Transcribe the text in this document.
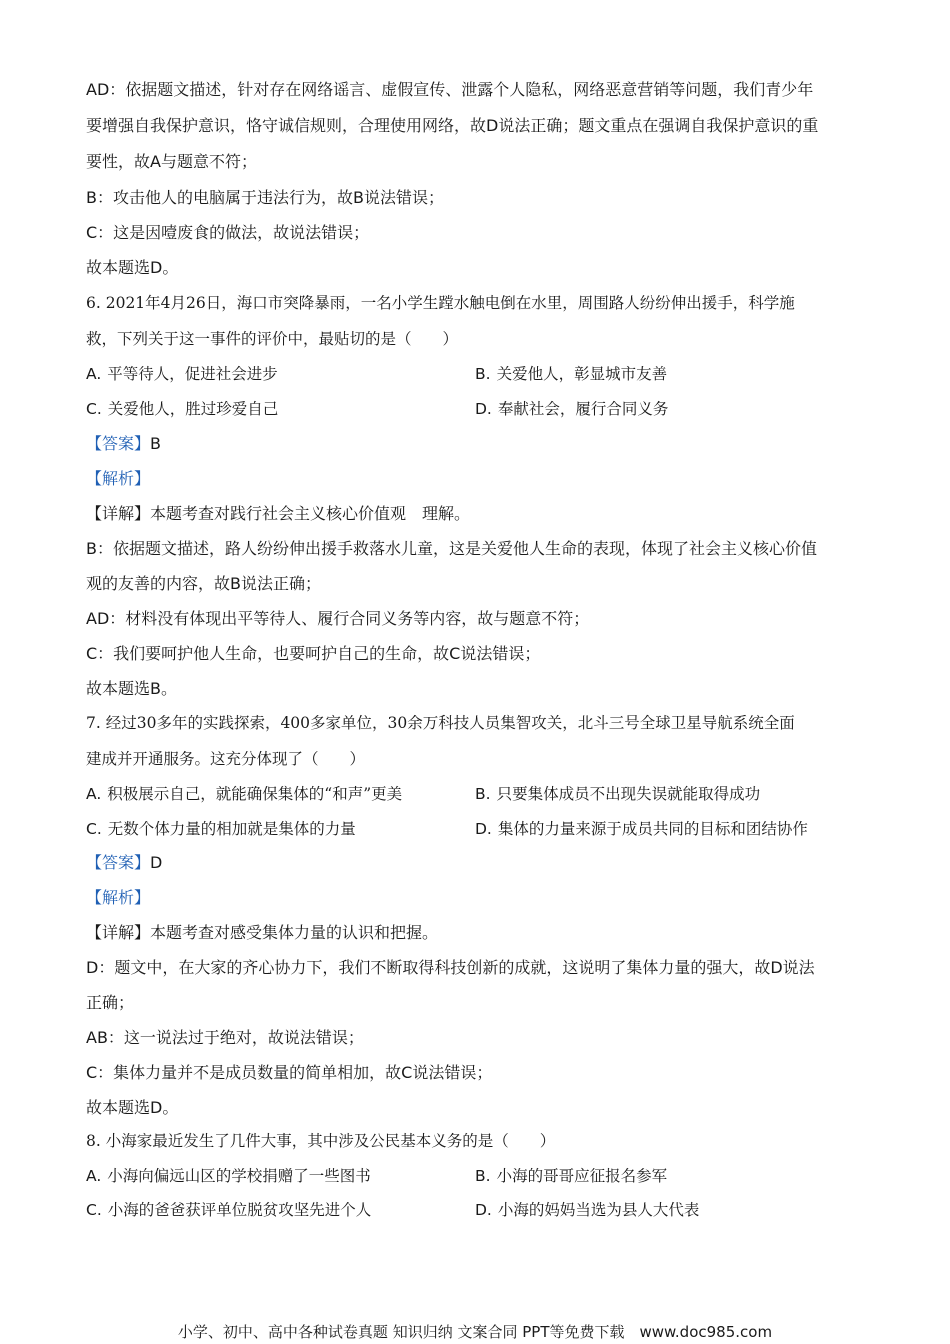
AD：依据题文描述，针对存在网络谣言、虚假宣传、泄露个人隐私，网络恶意营销等问题，我们青少年
要增强自我保护意识，恪守诚信规则，合理使用网络，故D说法正确；题文重点在强调自我保护意识的重
要性，故A与题意不符；
B：攻击他人的电脑属于违法行为，故B说法错误；
C：这是因噎废食的做法，故说法错误；
故本题选D。
6. 2021年4月26日，海口市突降暴雨，一名小学生蹚水触电倒在水里，周围路人纷纷伸出援手，科学施
救，下列关于这一事件的评价中，最贴切的是（　　）
A. 平等待人，促进社会进步	B. 关爱他人，彰显城市友善
C. 关爱他人，胜过珍爱自己	D. 奉献社会，履行合同义务
【答案】B
【解析】
【详解】本题考查对践行社会主义核心价值观　理解。
B：依据题文描述，路人纷纷伸出援手救落水儿童，这是关爱他人生命的表现，体现了社会主义核心价值
观的友善的内容，故B说法正确；
AD：材料没有体现出平等待人、履行合同义务等内容，故与题意不符；
C：我们要呵护他人生命，也要呵护自己的生命，故C说法错误；
故本题选B。
7. 经过30多年的实践探索，400多家单位，30余万科技人员集智攻关，北斗三号全球卫星导航系统全面
建成并开通服务。这充分体现了（　　）
A. 积极展示自己，就能确保集体的“和声”更美	B. 只要集体成员不出现失误就能取得成功
C. 无数个体力量的相加就是集体的力量	D. 集体的力量来源于成员共同的目标和团结协作
【答案】D
【解析】
【详解】本题考查对感受集体力量的认识和把握。
D：题文中，在大家的齐心协力下，我们不断取得科技创新的成就，这说明了集体力量的强大，故D说法
正确；
AB：这一说法过于绝对，故说法错误；
C：集体力量并不是成员数量的简单相加，故C说法错误；
故本题选D。
8. 小海家最近发生了几件大事，其中涉及公民基本义务的是（　　）
A. 小海向偏远山区的学校捐赠了一些图书	B. 小海的哥哥应征报名参军
C. 小海的爸爸获评单位脱贫攻坚先进个人	D. 小海的妈妈当选为县人大代表
小学、初中、高中各种试卷真题 知识归纳 文案合同 PPT等免费下载　www.doc985.com
